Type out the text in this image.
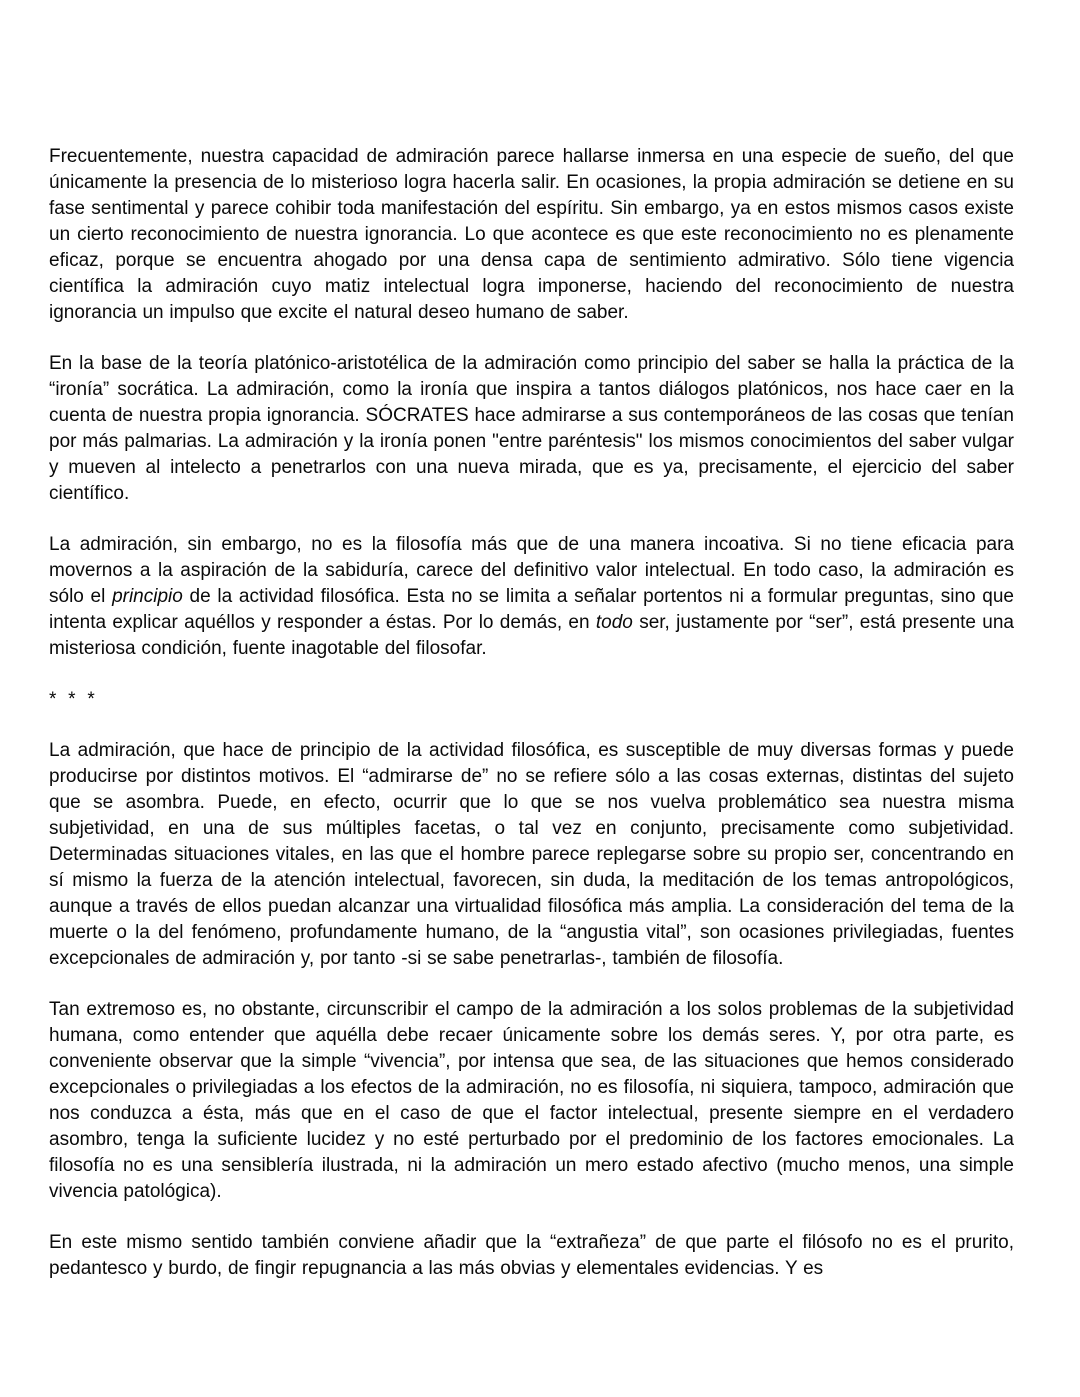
Frecuentemente, nuestra capacidad de admiración parece hallarse inmersa en una especie de sueño, del que únicamente la presencia de lo misterioso logra hacerla salir. En ocasiones, la propia admiración se detiene en su fase sentimental y parece cohibir toda manifestación del espíritu. Sin embargo, ya en estos mismos casos existe un cierto reconocimiento de nuestra ignorancia. Lo que acontece es que este reconocimiento no es plenamente eficaz, porque se encuentra ahogado por una densa capa de sentimiento admirativo. Sólo tiene vigencia científica la admiración cuyo matiz intelectual logra imponerse, haciendo del reconocimiento de nuestra ignorancia un impulso que excite el natural deseo humano de saber.

En la base de la teoría platónico-aristotélica de la admiración como principio del saber se halla la práctica de la “ironía” socrática. La admiración, como la ironía que inspira a tantos diálogos platónicos, nos hace caer en la cuenta de nuestra propia ignorancia. SÓCRATES hace admirarse a sus contemporáneos de las cosas que tenían por más palmarias. La admiración y la ironía ponen "entre paréntesis" los mismos conocimientos del saber vulgar y mueven al intelecto a penetrarlos con una nueva mirada, que es ya, precisamente, el ejercicio del saber científico.

La admiración, sin embargo, no es la filosofía más que de una manera incoativa. Si no tiene eficacia para movernos a la aspiración de la sabiduría, carece del definitivo valor intelectual. En todo caso, la admiración es sólo el principio de la actividad filosófica. Esta no se limita a señalar portentos ni a formular preguntas, sino que intenta explicar aquéllos y responder a éstas. Por lo demás, en todo ser, justamente por “ser”, está presente una misteriosa condición, fuente inagotable del filosofar.

* * *

La admiración, que hace de principio de la actividad filosófica, es susceptible de muy diversas formas y puede producirse por distintos motivos. El “admirarse de” no se refiere sólo a las cosas externas, distintas del sujeto que se asombra. Puede, en efecto, ocurrir que lo que se nos vuelva problemático sea nuestra misma subjetividad, en una de sus múltiples facetas, o tal vez en conjunto, precisamente como subjetividad. Determinadas situaciones vitales, en las que el hombre parece replegarse sobre su propio ser, concentrando en sí mismo la fuerza de la atención intelectual, favorecen, sin duda, la meditación de los temas antropológicos, aunque a través de ellos puedan alcanzar una virtualidad filosófica más amplia. La consideración del tema de la muerte o la del fenómeno, profundamente humano, de la “angustia vital”, son ocasiones privilegiadas, fuentes excepcionales de admiración y, por tanto -si se sabe penetrarlas-, también de filosofía.

Tan extremoso es, no obstante, circunscribir el campo de la admiración a los solos problemas de la subjetividad humana, como entender que aquélla debe recaer únicamente sobre los demás seres. Y, por otra parte, es conveniente observar que la simple “vivencia”, por intensa que sea, de las situaciones que hemos considerado excepcionales o privilegiadas a los efectos de la admiración, no es filosofía, ni siquiera, tampoco, admiración que nos conduzca a ésta, más que en el caso de que el factor intelectual, presente siempre en el verdadero asombro, tenga la suficiente lucidez y no esté perturbado por el predominio de los factores emocionales. La filosofía no es una sensiblería ilustrada, ni la admiración un mero estado afectivo (mucho menos, una simple vivencia patológica).

En este mismo sentido también conviene añadir que la “extrañeza” de que parte el filósofo no es el prurito, pedantesco y burdo, de fingir repugnancia a las más obvias y elementales evidencias. Y es
